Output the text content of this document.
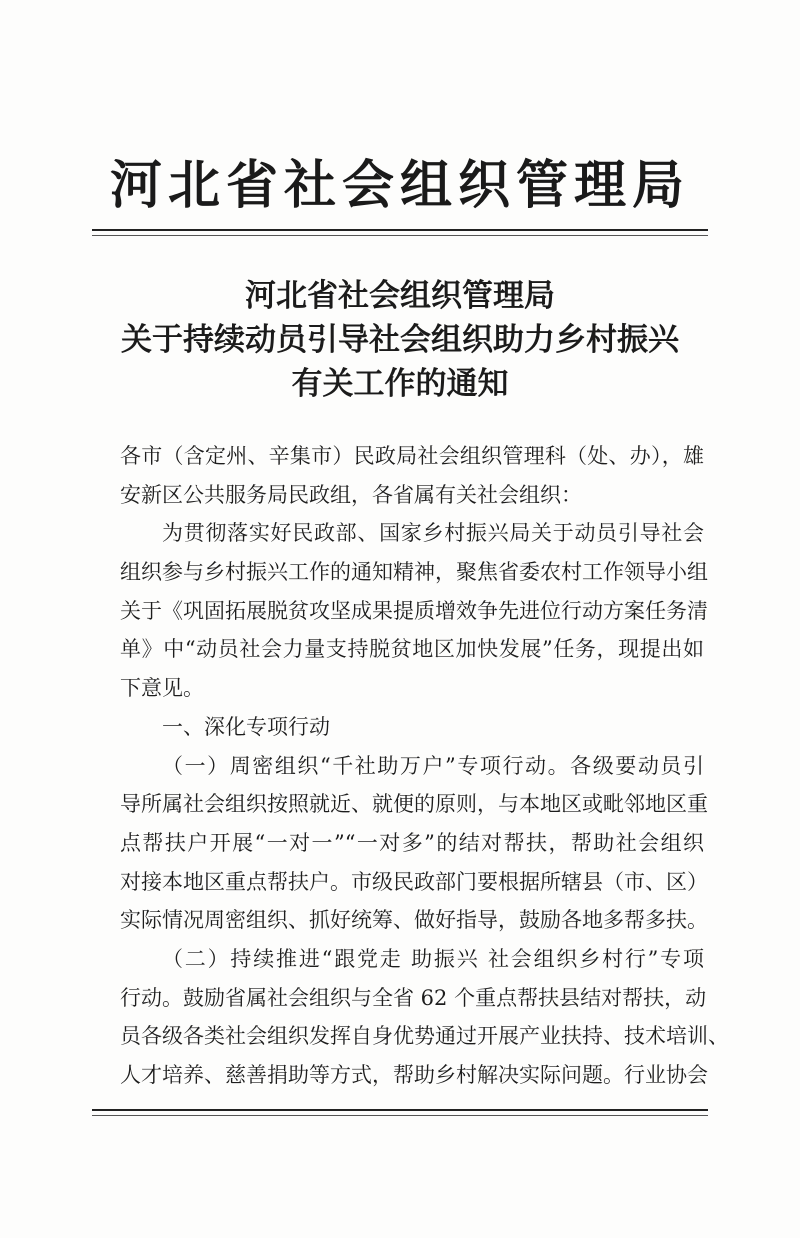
河北省社会组织管理局
河北省社会组织管理局
关于持续动员引导社会组织助力乡村振兴
有关工作的通知
各市（含定州、辛集市）民政局社会组织管理科（处、办），雄
安新区公共服务局民政组，各省属有关社会组织：
为贯彻落实好民政部、国家乡村振兴局关于动员引导社会
组织参与乡村振兴工作的通知精神，聚焦省委农村工作领导小组
关于《巩固拓展脱贫攻坚成果提质增效争先进位行动方案任务清
单》中“动员社会力量支持脱贫地区加快发展”任务，现提出如
下意见。
一、深化专项行动
（一）周密组织“千社助万户”专项行动。各级要动员引
导所属社会组织按照就近、就便的原则，与本地区或毗邻地区重
点帮扶户开展“一对一”“一对多”的结对帮扶，帮助社会组织
对接本地区重点帮扶户。市级民政部门要根据所辖县（市、区）
实际情况周密组织、抓好统筹、做好指导，鼓励各地多帮多扶。
（二）持续推进“跟党走 助振兴 社会组织乡村行”专项
行动。鼓励省属社会组织与全省 62 个重点帮扶县结对帮扶，动
员各级各类社会组织发挥自身优势通过开展产业扶持、技术培训、
人才培养、慈善捐助等方式，帮助乡村解决实际问题。行业协会
